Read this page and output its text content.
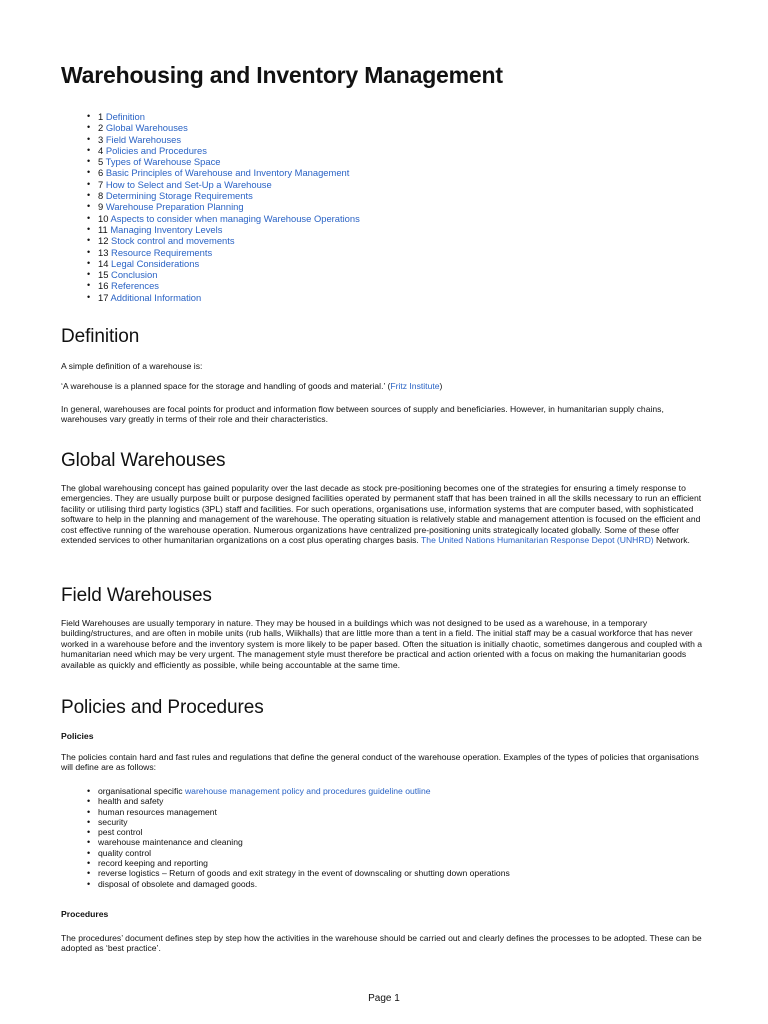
Warehousing and Inventory Management
• 1 Definition
• 2 Global Warehouses
• 3 Field Warehouses
• 4 Policies and Procedures
• 5 Types of Warehouse Space
• 6 Basic Principles of Warehouse and Inventory Management
• 7 How to Select and Set-Up a Warehouse
• 8 Determining Storage Requirements
• 9 Warehouse Preparation Planning
• 10 Aspects to consider when managing Warehouse Operations
• 11 Managing Inventory Levels
• 12 Stock control and movements
• 13 Resource Requirements
• 14 Legal Considerations
• 15 Conclusion
• 16 References
• 17 Additional Information
Definition

A simple definition of a warehouse is:

‘A warehouse is a planned space for the storage and handling of goods and material.’ (Fritz Institute)

In general, warehouses are focal points for product and information flow between sources of supply and beneficiaries. However, in humanitarian supply chains, warehouses vary greatly in terms of their role and their characteristics.

Global Warehouses

The global warehousing concept has gained popularity over the last decade as stock pre-positioning becomes one of the strategies for ensuring a timely response to emergencies. They are usually purpose built or purpose designed facilities operated by permanent staff that has been trained in all the skills necessary to run an efficient facility or utilising third party logistics (3PL) staff and facilities. For such operations, organisations use, information systems that are computer based, with sophisticated software to help in the planning and management of the warehouse. The operating situation is relatively stable and management attention is focused on the efficient and cost effective running of the warehouse operation. Numerous organizations have centralized pre-positioning units strategically located globally. Some of these offer extended services to other humanitarian organizations on a cost plus operating charges basis. The United Nations Humanitarian Response Depot (UNHRD) Network.

Field Warehouses

Field Warehouses are usually temporary in nature. They may be housed in a buildings which was not designed to be used as a warehouse, in a temporary building/structures, and are often in mobile units (rub halls, Wiikhalls) that are little more than a tent in a field. The initial staff may be a casual workforce that has never worked in a warehouse before and the inventory system is more likely to be paper based. Often the situation is initially chaotic, sometimes dangerous and coupled with a humanitarian need which may be very urgent. The management style must therefore be practical and action oriented with a focus on making the humanitarian goods available as quickly and efficiently as possible, while being accountable at the same time.

Policies and Procedures

Policies

The policies contain hard and fast rules and regulations that define the general conduct of the warehouse operation. Examples of the types of policies that organisations will define are as follows:

• organisational specific warehouse management policy and procedures guideline outline
• health and safety
• human resources management
• security
• pest control
• warehouse maintenance and cleaning
• quality control
• record keeping and reporting
• reverse logistics – Return of goods and exit strategy in the event of downscaling or shutting down operations
• disposal of obsolete and damaged goods.

Procedures

The procedures’ document defines step by step how the activities in the warehouse should be carried out and clearly defines the processes to be adopted. These can be adopted as ‘best practice’.

Page 1
